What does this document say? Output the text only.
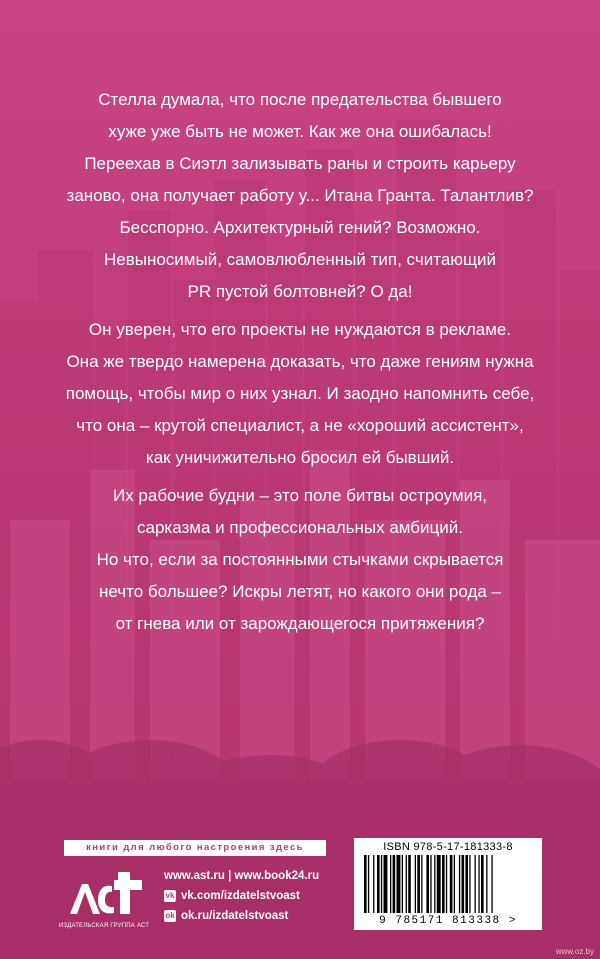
Стелла думала, что после предательства бывшего

хуже уже быть не может. Как же она ошибалась!

Переехав в Сиэтл зализывать раны и строить карьеру

заново, она получает работу у... Итана Гранта. Талантлив?

Бесспорно. Архитектурный гений? Возможно.

Невыносимый, самовлюбленный тип, считающий

PR пустой болтовней? О да!

Он уверен, что его проекты не нуждаются в рекламе.

Она же твердо намерена доказать, что даже гениям нужна

помощь, чтобы мир о них узнал. И заодно напомнить себе,

что она – крутой специалист, а не «хороший ассистент»,

как уничижительно бросил ей бывший.

Их рабочие будни – это поле битвы остроумия,

сарказма и профессиональных амбиций.

Но что, если за постоянными стычками скрывается

нечто большее? Искры летят, но какого они рода –

от гнева или от зарождающегося притяжения?

книги для любого настроения здесь
ИЗДАТЕЛЬСКАЯ ГРУППА АСТ
www.ast.ru | www.book24.ru
vk vk.com/izdatelstvoast
ok ok.ru/izdatelstvoast
ISBN 978-5-17-181333-8
9 785171 813338 >
www.oz.by
